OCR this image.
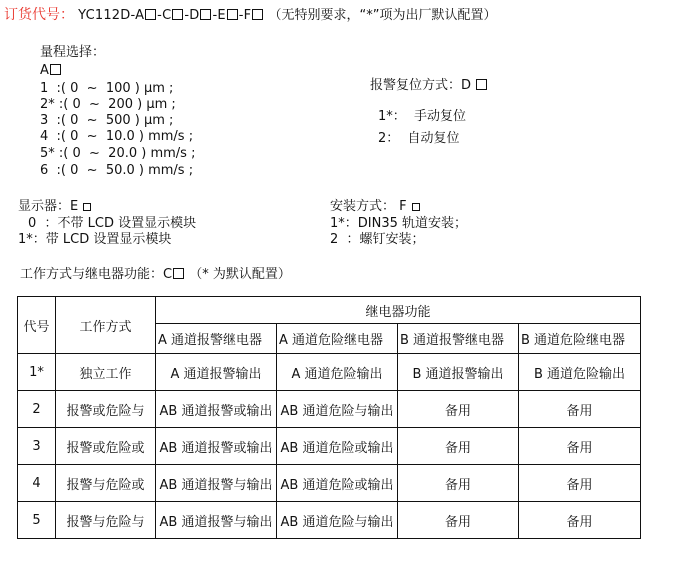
订货代号： YC112D-A -C -D -E -F （无特别要求，“*”项为出厂默认配置）
量程选择：
A
1  :( 0  ~  100 ) μm ;
2* :( 0  ~  200 ) μm ;
3  :( 0  ~  500 ) μm ;
4  :( 0  ~  10.0 ) mm/s ;
5* :( 0  ~  20.0 ) mm/s ;
6  :( 0  ~  50.0 ) mm/s ;
报警复位方式：D
1*：  手动复位
2：  自动复位
显示器：E
0  ：不带 LCD 设置显示模块
1*：带 LCD 设置显示模块
安装方式： F
1*：DIN35 轨道安装；
2  ：螺钉安装；
工作方式与继电器功能：C （* 为默认配置）
代号	工作方式	继电器功能			
		A 通道报警继电器	A 通道危险继电器	B 通道报警继电器	B 通道危险继电器
1*	独立工作	A 通道报警输出	A 通道危险输出	B 通道报警输出	B 通道危险输出
2	报警或危险与	AB 通道报警或输出	AB 通道危险与输出	备用	备用
3	报警或危险或	AB 通道报警或输出	AB 通道危险或输出	备用	备用
4	报警与危险或	AB 通道报警与输出	AB 通道危险或输出	备用	备用
5	报警与危险与	AB 通道报警与输出	AB 通道危险与输出	备用	备用
